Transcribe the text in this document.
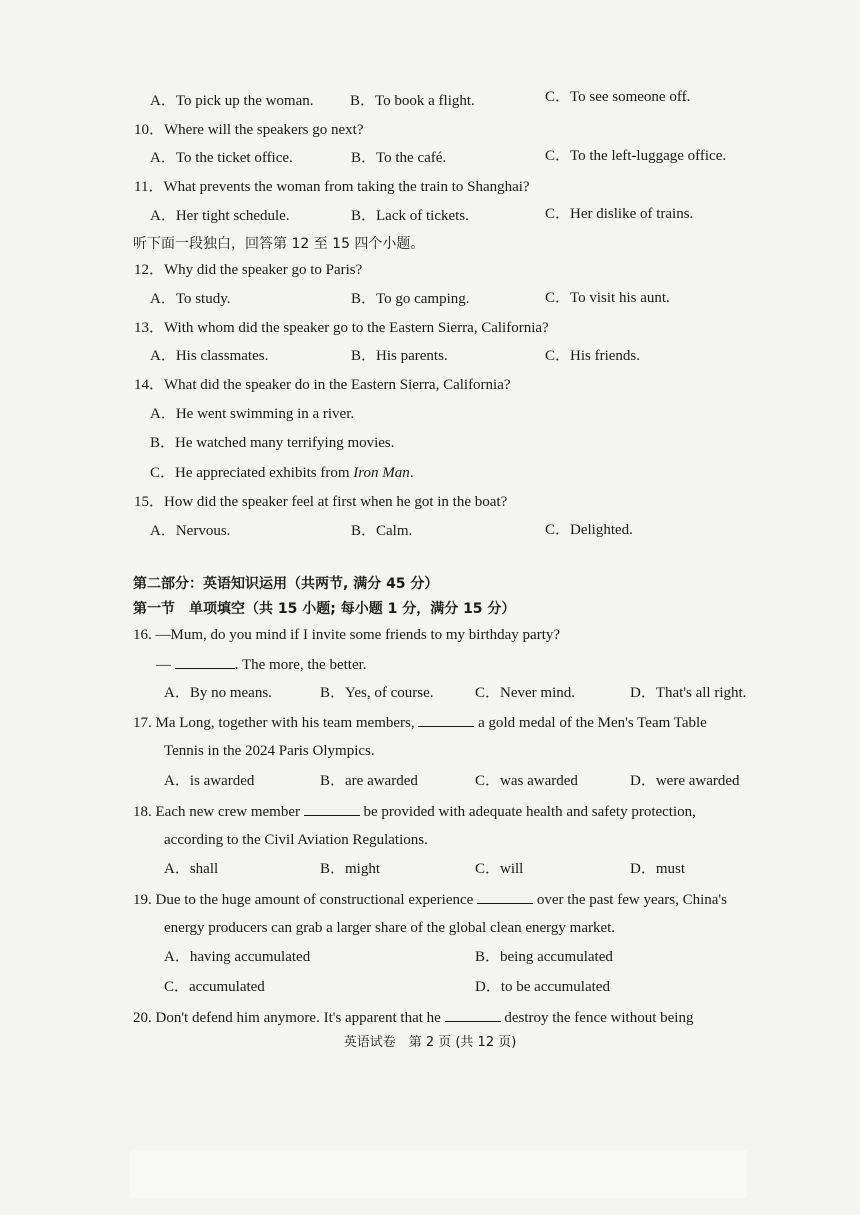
A．To pick up the woman. B．To book a flight.	C．To see someone off.
10．Where will the speakers go next?
A．To the ticket office.	B．To the café.	C．To the left-luggage office.
11．What prevents the woman from taking the train to Shanghai?
A．Her tight schedule.	B．Lack of tickets.	C．Her dislike of trains.
听下面一段独白，回答第 12 至 15 四个小题。
12．Why did the speaker go to Paris?
A．To study.	B．To go camping.	C．To visit his aunt.
13．With whom did the speaker go to the Eastern Sierra, California?
A．His classmates.	B．His parents.	C．His friends.
14．What did the speaker do in the Eastern Sierra, California?
A．He went swimming in a river.
B．He watched many terrifying movies.
C．He appreciated exhibits from Iron Man.
15．How did the speaker feel at first when he got in the boat?
A．Nervous.	B．Calm.	C．Delighted.
第二部分：英语知识运用（共两节, 满分 45 分）
第一节　单项填空（共 15 小题; 每小题 1 分，满分 15 分）
16. —Mum, do you mind if I invite some friends to my birthday party?
—	. The more, the better.
A．By no means.	B．Yes, of course.	C．Never mind.	D．That's all right.
17. Ma Long, together with his team members,	a gold medal of the Men's Team Table
Tennis in the 2024 Paris Olympics.
A．is awarded	B．are awarded	C．was awarded	D．were awarded
18. Each new crew member	be provided with adequate health and safety protection,
according to the Civil Aviation Regulations.
A．shall	B．might	C．will	D．must
19. Due to the huge amount of constructional experience	over the past few years, China's
energy producers can grab a larger share of the global clean energy market.
A．having accumulated	B．being accumulated
C．accumulated	D．to be accumulated
20. Don't defend him anymore. It's apparent that he	destroy the fence without being
英语试卷　第 2 页 (共 12 页)
